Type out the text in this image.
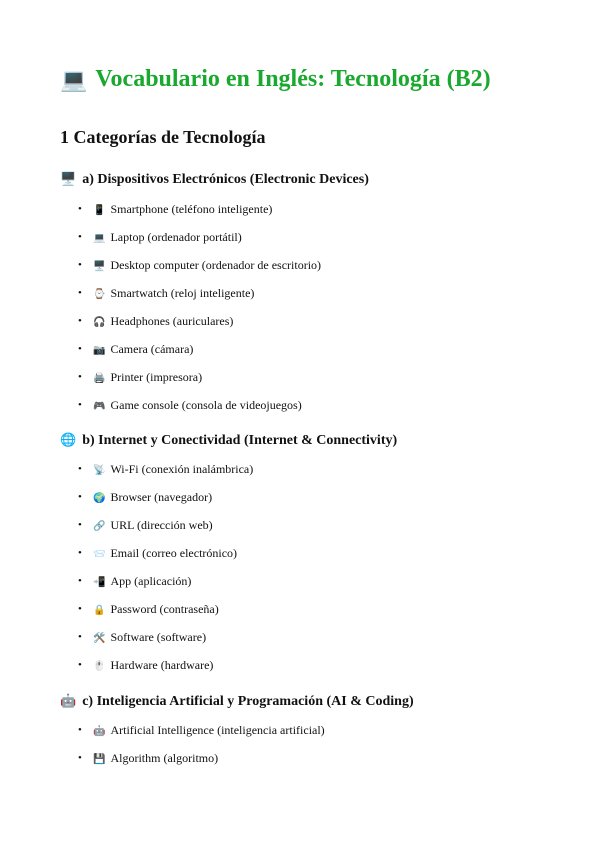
💻 Vocabulario en Inglés: Tecnología (B2)
1 Categorías de Tecnología
🖥️ a) Dispositivos Electrónicos (Electronic Devices)
• 📱 Smartphone (teléfono inteligente)
• 💻 Laptop (ordenador portátil)
• 🖥️ Desktop computer (ordenador de escritorio)
• ⌚ Smartwatch (reloj inteligente)
• 🎧 Headphones (auriculares)
• 📷 Camera (cámara)
• 🖨️ Printer (impresora)
• 🎮 Game console (consola de videojuegos)
🌐 b) Internet y Conectividad (Internet & Connectivity)
• 📡 Wi-Fi (conexión inalámbrica)
• 🌍 Browser (navegador)
• 🔗 URL (dirección web)
• 📨 Email (correo electrónico)
• 📲 App (aplicación)
• 🔒 Password (contraseña)
• 🛠️ Software (software)
• 🖱️ Hardware (hardware)
🤖 c) Inteligencia Artificial y Programación (AI & Coding)
• 🤖 Artificial Intelligence (inteligencia artificial)
• 💾 Algorithm (algoritmo)
